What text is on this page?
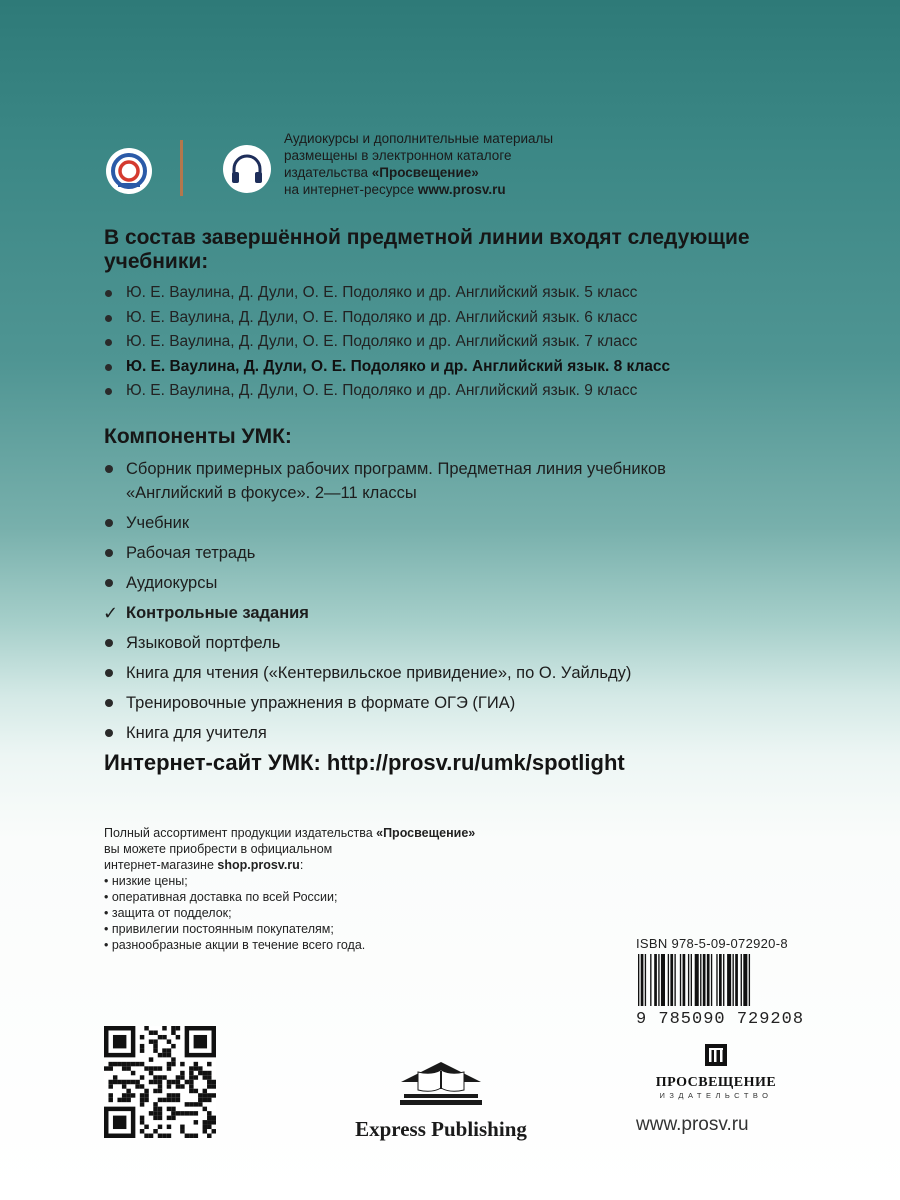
Аудиокурсы и дополнительные материалы
размещены в электронном каталоге
издательства «Просвещение»
на интернет-ресурсе www.prosv.ru
В состав завершённой предметной линии входят следующие
учебники:
Ю. Е. Ваулина, Д. Дули, О. Е. Подоляко и др. Английский язык. 5 класс
Ю. Е. Ваулина, Д. Дули, О. Е. Подоляко и др. Английский язык. 6 класс
Ю. Е. Ваулина, Д. Дули, О. Е. Подоляко и др. Английский язык. 7 класс
Ю. Е. Ваулина, Д. Дули, О. Е. Подоляко и др. Английский язык. 8 класс
Ю. Е. Ваулина, Д. Дули, О. Е. Подоляко и др. Английский язык. 9 класс
Компоненты УМК:
Сборник примерных рабочих программ. Предметная линия учебников
«Английский в фокусе». 2—11 классы
Учебник
Рабочая тетрадь
Аудиокурсы
✓ Контрольные задания
Языковой портфель
Книга для чтения («Кентервильское привидение», по О. Уайльду)
Тренировочные упражнения в формате ОГЭ (ГИА)
Книга для учителя
Интернет-сайт УМК: http://prosv.ru/umk/spotlight
Полный ассортимент продукции издательства «Просвещение»
вы можете приобрести в официальном
интернет-магазине shop.prosv.ru:
• низкие цены;
• оперативная доставка по всей России;
• защита от подделок;
• привилегии постоянным покупателям;
• разнообразные акции в течение всего года.	ISBN 978-5-09-072920-8
9 785090 729208
Express Publishing
ПРОСВЕЩЕНИЕ
ИЗДАТЕЛЬСТВО
www.prosv.ru
